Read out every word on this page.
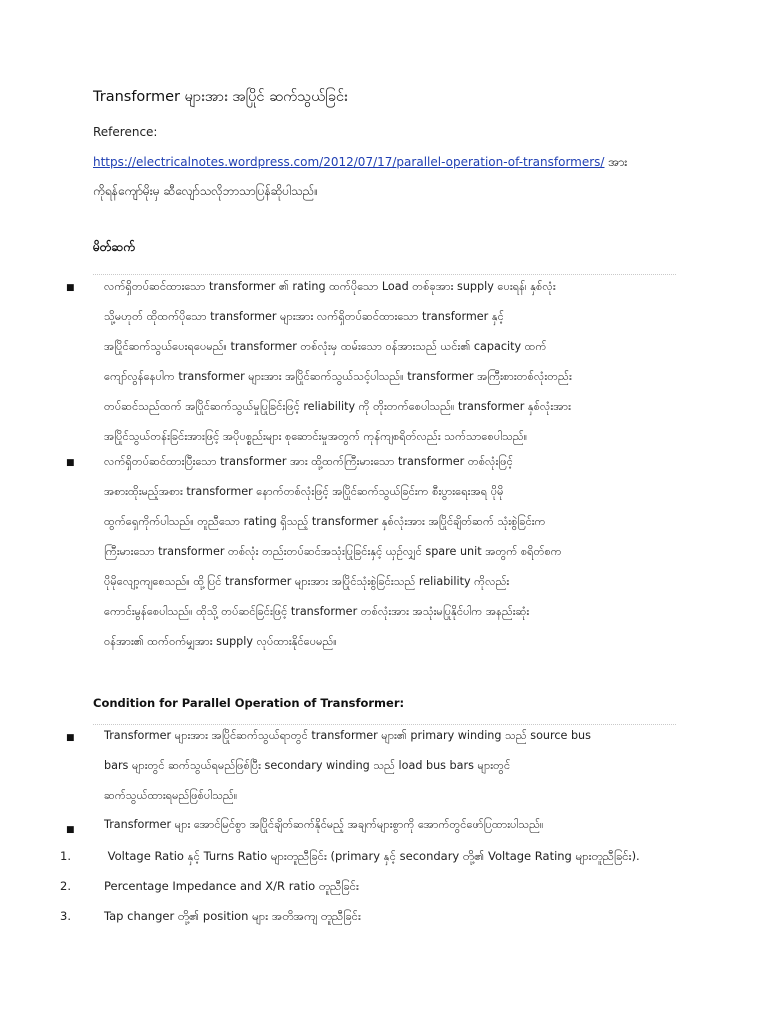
Transformer များအား အပြိုင် ဆက်သွယ်ခြင်း
Reference:
https://electricalnotes.wordpress.com/2012/07/17/parallel-operation-of-transformers/ အား
ကိုရန်ကျော်မိုးမှ ဆီလျော်သလိုဘာသာပြန်ဆိုပါသည်။
မိတ်ဆက်
■	လက်ရှိတပ်ဆင်ထားသော transformer ၏ rating ထက်ပိုသော Load တစ်ခုအား supply ပေးရန်၊ နှစ်လုံး
သို့မဟုတ် ထိုထက်ပိုသော transformer များအား လက်ရှိတပ်ဆင်ထားသော transformer နှင့်
အပြိုင်ဆက်သွယ်ပေးရပေမည်။ transformer တစ်လုံးမှ ထမ်းသော ဝန်အားသည် ယင်း၏ capacity ထက်
ကျော်လွန်နေပါက transformer များအား အပြိုင်ဆက်သွယ်သင့်ပါသည်။ transformer အကြီးစားတစ်လုံးတည်း
တပ်ဆင်သည်ထက် အပြိုင်ဆက်သွယ်မှုပြုခြင်းဖြင့် reliability ကို တိုးတက်စေပါသည်။ transformer နှစ်လုံးအား
အပြိုင်သွယ်တန်းခြင်းအားဖြင့် အပိုပစ္စည်းများ စုဆောင်းမှုအတွက် ကုန်ကျစရိတ်လည်း သက်သာစေပါသည်။
■	လက်ရှိတပ်ဆင်ထားပြီးသော transformer အား ထို့ထက်ကြီးမားသော transformer တစ်လုံးဖြင့်
အစားထိုးမည့်အစား transformer နောက်တစ်လုံးဖြင့် အပြိုင်ဆက်သွယ်ခြင်းက စီးပွားရေးအရ ပိုမို
ထွက်ရှေကိုက်ပါသည်။ တူညီသော rating ရှိသည့် transformer နှစ်လုံးအား အပြိုင်ချိတ်ဆက် သုံးစွဲခြင်းက
ကြီးမားသော transformer တစ်လုံး တည်းတပ်ဆင်အသုံးပြုခြင်းနှင့် ယှဉ်လျှင် spare unit အတွက် စရိတ်စက
ပိုမိုလျော့ကျစေသည်။ ထို့ပြင် transformer များအား အပြိုင်သုံးစွဲခြင်းသည် reliability ကိုလည်း
ကောင်းမွန်စေပါသည်။ ထိုသို့ တပ်ဆင်ခြင်းဖြင့် transformer တစ်လုံးအား အသုံးမပြုနိုင်ပါက အနည်းဆုံး
ဝန်အား၏ ထက်ဝက်မျှအား supply လုပ်ထားနိုင်ပေမည်။
Condition for Parallel Operation of Transformer:
■	Transformer များအား အပြိုင်ဆက်သွယ်ရာတွင် transformer များ၏ primary winding သည် source bus
bars များတွင် ဆက်သွယ်ရမည်ဖြစ်ပြီး secondary winding သည် load bus bars များတွင်
ဆက်သွယ်ထားရမည်ဖြစ်ပါသည်။
■	Transformer များ အောင်မြင်စွာ အပြိုင်ချိတ်ဆက်နိုင်မည့် အချက်များစွာကို အောက်တွင်ဖော်ပြထားပါသည်။
1.	Voltage Ratio နှင့် Turns Ratio များတူညီခြင်း (primary နှင့် secondary တို့၏ Voltage Rating များတူညီခြင်း).
2.	Percentage Impedance and X/R ratio တူညီခြင်း
3.	Tap changer တို့၏ position များ အတိအကျ တူညီခြင်း
